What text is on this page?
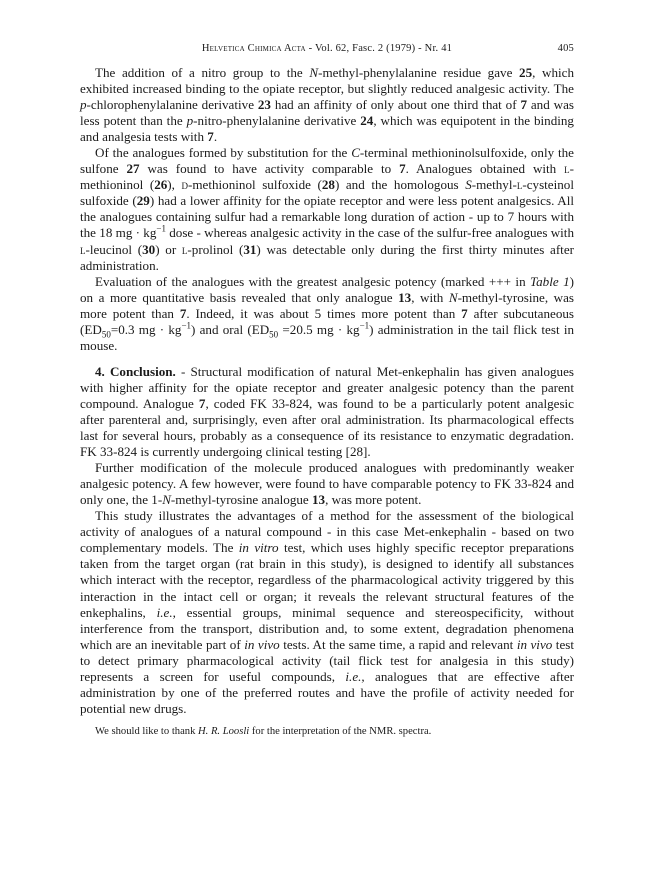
Helvetica Chimica Acta - Vol. 62, Fasc. 2 (1979) - Nr. 41	405

The addition of a nitro group to the N-methyl-phenylalanine residue gave 25, which exhibited increased binding to the opiate receptor, but slightly reduced analgesic activity. The p-chlorophenylalanine derivative 23 had an affinity of only about one third that of 7 and was less potent than the p-nitro-phenylalanine derivative 24, which was equipotent in the binding and analgesia tests with 7.

Of the analogues formed by substitution for the C-terminal methioninolsulfoxide, only the sulfone 27 was found to have activity comparable to 7. Analogues obtained with l-methioninol (26), d-methioninol sulfoxide (28) and the homologous S-methyl-l-cysteinol sulfoxide (29) had a lower affinity for the opiate receptor and were less potent analgesics. All the analogues containing sulfur had a remarkable long duration of action - up to 7 hours with the 18 mg · $kg^{-1}$ dose - whereas analgesic activity in the case of the sulfur-free analogues with l-leucinol (30) or l-prolinol (31) was detectable only during the first thirty minutes after administration.

Evaluation of the analogues with the greatest analgesic potency (marked +++ in Table 1) on a more quantitative basis revealed that only analogue 13, with N-methyl-tyrosine, was more potent than 7. Indeed, it was about 5 times more potent than 7 after subcutaneous ($ED_{50}=0.3$ mg · $kg^{-1}$) and oral ($ED_{50} =20.5$ mg · $kg^{-1}$) administration in the tail flick test in mouse.

4. Conclusion. - Structural modification of natural Met-enkephalin has given analogues with higher affinity for the opiate receptor and greater analgesic potency than the parent compound. Analogue 7, coded FK 33-824, was found to be a particularly potent analgesic after parenteral and, surprisingly, even after oral administration. Its pharmacological effects last for several hours, probably as a consequence of its resistance to enzymatic degradation. FK 33-824 is currently undergoing clinical testing [28].

Further modification of the molecule produced analogues with predominantly weaker analgesic potency. A few however, were found to have comparable potency to FK 33-824 and only one, the 1-N-methyl-tyrosine analogue 13, was more potent.

This study illustrates the advantages of a method for the assessment of the biological activity of analogues of a natural compound - in this case Met-enkephalin - based on two complementary models. The in vitro test, which uses highly specific receptor preparations taken from the target organ (rat brain in this study), is designed to identify all substances which interact with the receptor, regardless of the pharmacological activity triggered by this interaction in the intact cell or organ; it reveals the relevant structural features of the enkephalins, i.e., essential groups, minimal sequence and stereospecificity, without interference from the transport, distribution and, to some extent, degradation phenomena which are an inevitable part of in vivo tests. At the same time, a rapid and relevant in vivo test to detect primary pharmacological activity (tail flick test for analgesia in this study) represents a screen for useful compounds, i.e., analogues that are effective after administration by one of the preferred routes and have the profile of activity needed for potential new drugs.

We should like to thank H. R. Loosli for the interpretation of the NMR. spectra.
